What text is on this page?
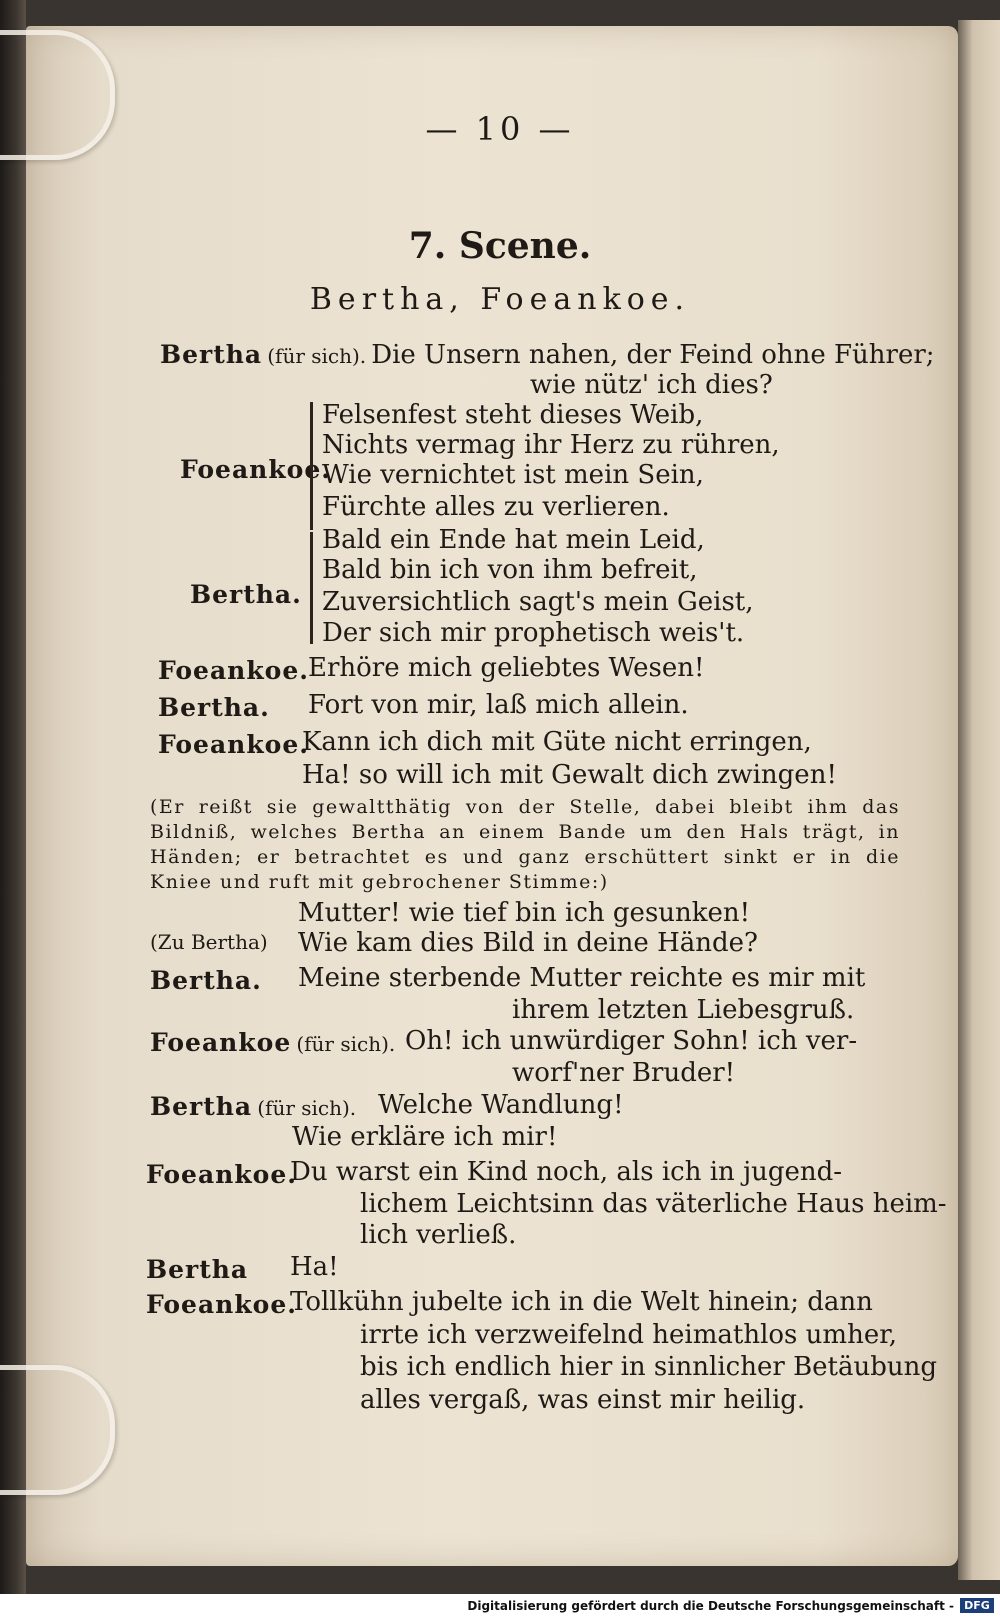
— 10 —
7. Scene.
Bertha, Foeankoe.
Bertha (für sich). Die Unsern nahen, der Feind ohne Führer;
wie nütz' ich dies?
Foeankoe.
Felsenfest steht dieses Weib,
Nichts vermag ihr Herz zu rühren,
Wie vernichtet ist mein Sein,
Fürchte alles zu verlieren.
Bertha.
Bald ein Ende hat mein Leid,
Bald bin ich von ihm befreit,
Zuversichtlich sagt's mein Geist,
Der sich mir prophetisch weis't.
Foeankoe. Erhöre mich geliebtes Wesen!
Bertha. Fort von mir, laß mich allein.
Foeankoe.
Kann ich dich mit Güte nicht erringen,
Ha! so will ich mit Gewalt dich zwingen!
(Er reißt sie gewaltthätig von der Stelle, dabei bleibt ihm das Bildniß, welches Bertha an einem Bande um den Hals trägt, in Händen; er betrachtet es und ganz erschüttert sinkt er in die Kniee und ruft mit gebrochener Stimme:)
Mutter! wie tief bin ich gesunken!
(Zu Bertha) Wie kam dies Bild in deine Hände?
Bertha. Meine sterbende Mutter reichte es mir mit
ihrem letzten Liebesgruß.
Foeankoe (für sich). Oh! ich unwürdiger Sohn! ich ver-
worf'ner Bruder!
Bertha (für sich). Welche Wandlung!
Wie erkläre ich mir!
Foeankoe.
Du warst ein Kind noch, als ich in jugend-
lichem Leichtsinn das väterliche Haus heim-
lich verließ.
Bertha Ha!
Foeankoe.
Tollkühn jubelte ich in die Welt hinein; dann
irrte ich verzweifelnd heimathlos umher,
bis ich endlich hier in sinnlicher Betäubung
alles vergaß, was einst mir heilig.
Digitalisierung gefördert durch die Deutsche Forschungsgemeinschaft - DFG
